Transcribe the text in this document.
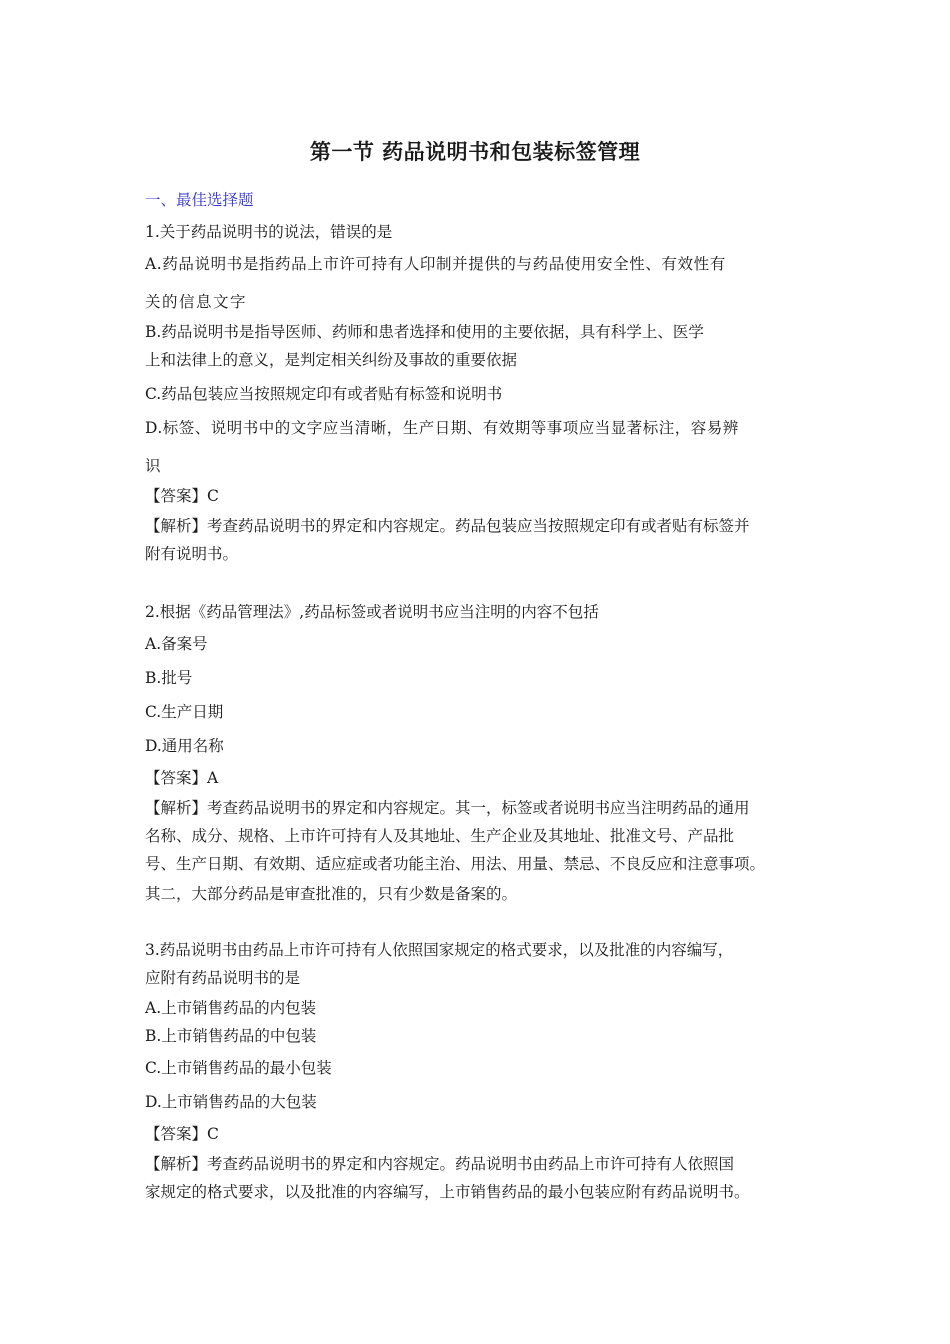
第一节 药品说明书和包装标签管理
一、最佳选择题
1.关于药品说明书的说法，错误的是
A.药品说明书是指药品上市许可持有人印制并提供的与药品使用安全性、有效性有
关的信息文字
B.药品说明书是指导医师、药师和患者选择和使用的主要依据，具有科学上、医学
上和法律上的意义，是判定相关纠纷及事故的重要依据
C.药品包装应当按照规定印有或者贴有标签和说明书
D.标签、说明书中的文字应当清晰，生产日期、有效期等事项应当显著标注，容易辨
识
【答案】C
【解析】考查药品说明书的界定和内容规定。药品包装应当按照规定印有或者贴有标签并
附有说明书。
2.根据《药品管理法》,药品标签或者说明书应当注明的内容不包括
A.备案号
B.批号
C.生产日期
D.通用名称
【答案】A
【解析】考查药品说明书的界定和内容规定。其一，标签或者说明书应当注明药品的通用
名称、成分、规格、上市许可持有人及其地址、生产企业及其地址、批准文号、产品批
号、生产日期、有效期、适应症或者功能主治、用法、用量、禁忌、不良反应和注意事项。
其二，大部分药品是审查批准的，只有少数是备案的。
3.药品说明书由药品上市许可持有人依照国家规定的格式要求，以及批准的内容编写，
应附有药品说明书的是
A.上市销售药品的内包装
B.上市销售药品的中包装
C.上市销售药品的最小包装
D.上市销售药品的大包装
【答案】C
【解析】考查药品说明书的界定和内容规定。药品说明书由药品上市许可持有人依照国
家规定的格式要求，以及批准的内容编写，上市销售药品的最小包装应附有药品说明书。
